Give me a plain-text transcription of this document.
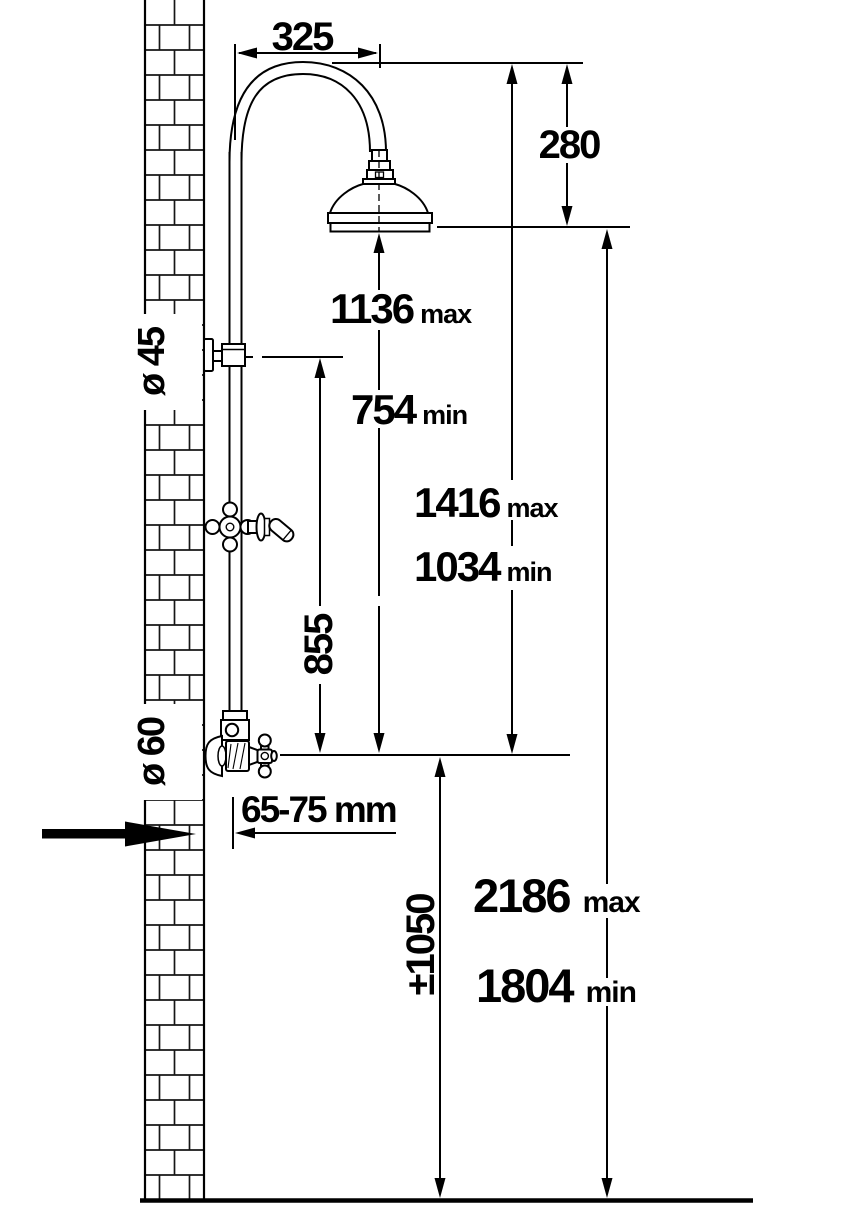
325
280
1136 max
754 min
1416 max
1034 min
855
ø 45
ø 60
65-75 mm
±1050 2186 max
1804 min
